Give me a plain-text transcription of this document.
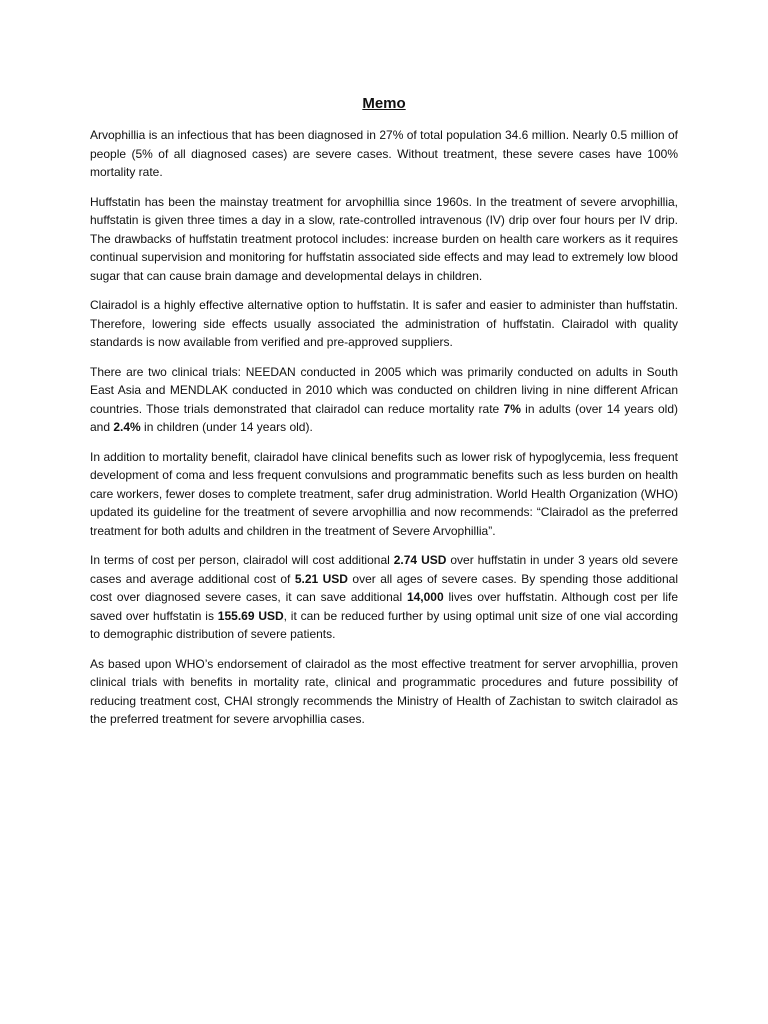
Memo

Arvophillia is an infectious that has been diagnosed in 27% of total population 34.6 million. Nearly 0.5 million of people (5% of all diagnosed cases) are severe cases. Without treatment, these severe cases have 100% mortality rate.

Huffstatin has been the mainstay treatment for arvophillia since 1960s. In the treatment of severe arvophillia, huffstatin is given three times a day in a slow, rate-controlled intravenous (IV) drip over four hours per IV drip. The drawbacks of huffstatin treatment protocol includes: increase burden on health care workers as it requires continual supervision and monitoring for huffstatin associated side effects and may lead to extremely low blood sugar that can cause brain damage and developmental delays in children.

Clairadol is a highly effective alternative option to huffstatin. It is safer and easier to administer than huffstatin. Therefore, lowering side effects usually associated the administration of huffstatin. Clairadol with quality standards is now available from verified and pre-approved suppliers.

There are two clinical trials: NEEDAN conducted in 2005 which was primarily conducted on adults in South East Asia and MENDLAK conducted in 2010 which was conducted on children living in nine different African countries. Those trials demonstrated that clairadol can reduce mortality rate 7% in adults (over 14 years old) and 2.4% in children (under 14 years old).

In addition to mortality benefit, clairadol have clinical benefits such as lower risk of hypoglycemia, less frequent development of coma and less frequent convulsions and programmatic benefits such as less burden on health care workers, fewer doses to complete treatment, safer drug administration. World Health Organization (WHO) updated its guideline for the treatment of severe arvophillia and now recommends: “Clairadol as the preferred treatment for both adults and children in the treatment of Severe Arvophillia”.

In terms of cost per person, clairadol will cost additional 2.74 USD over huffstatin in under 3 years old severe cases and average additional cost of 5.21 USD over all ages of severe cases. By spending those additional cost over diagnosed severe cases, it can save additional 14,000 lives over huffstatin. Although cost per life saved over huffstatin is 155.69 USD, it can be reduced further by using optimal unit size of one vial according to demographic distribution of severe patients.

As based upon WHO’s endorsement of clairadol as the most effective treatment for server arvophillia, proven clinical trials with benefits in mortality rate, clinical and programmatic procedures and future possibility of reducing treatment cost, CHAI strongly recommends the Ministry of Health of Zachistan to switch clairadol as the preferred treatment for severe arvophillia cases.
